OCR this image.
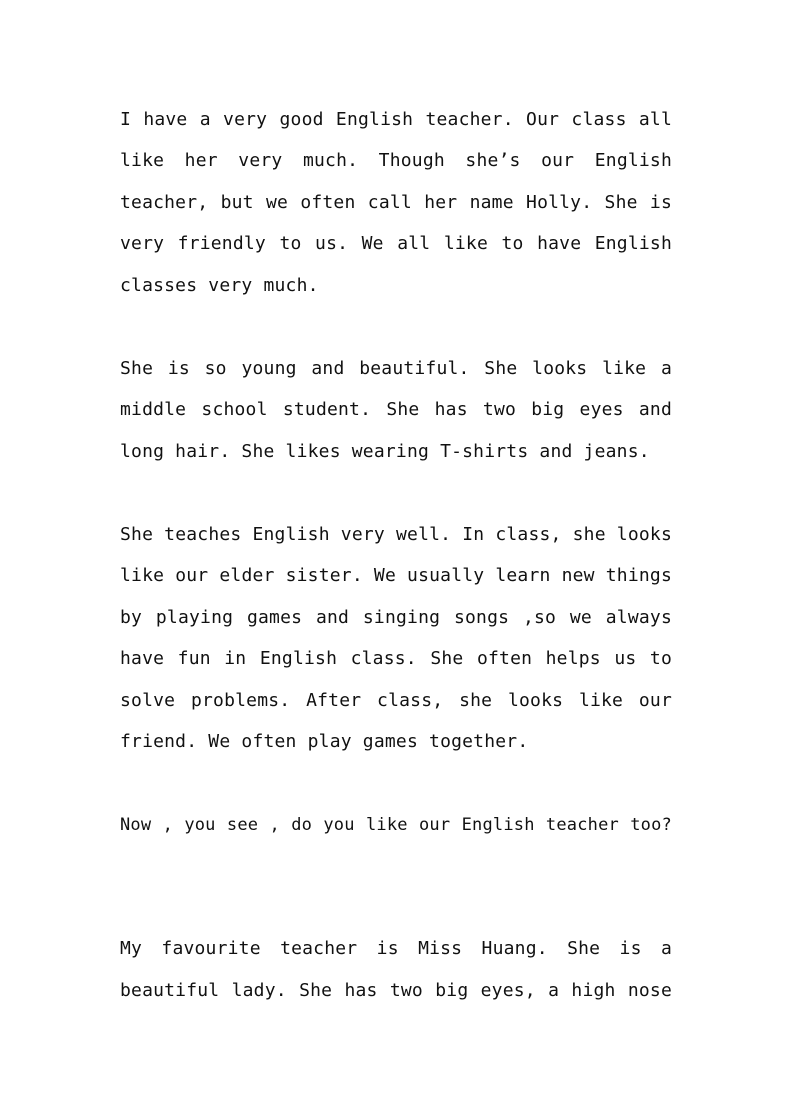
I have a very good English teacher. Our class all
like her very much. Though she’s our English
teacher, but we often call her name Holly. She is
very friendly to us. We all like to have English
classes very much.
She is so young and beautiful. She looks like a
middle school student. She has two big eyes and
long hair. She likes wearing T-shirts and jeans.
She teaches English very well. In class, she looks
like our elder sister. We usually learn new things
by playing games and singing songs ,so we always
have fun in English class. She often helps us to
solve problems. After class, she looks like our
friend. We often play games together.
Now , you see , do you like our English teacher too?
My favourite teacher is Miss Huang. She is a
beautiful lady. She has two big eyes, a high nose
